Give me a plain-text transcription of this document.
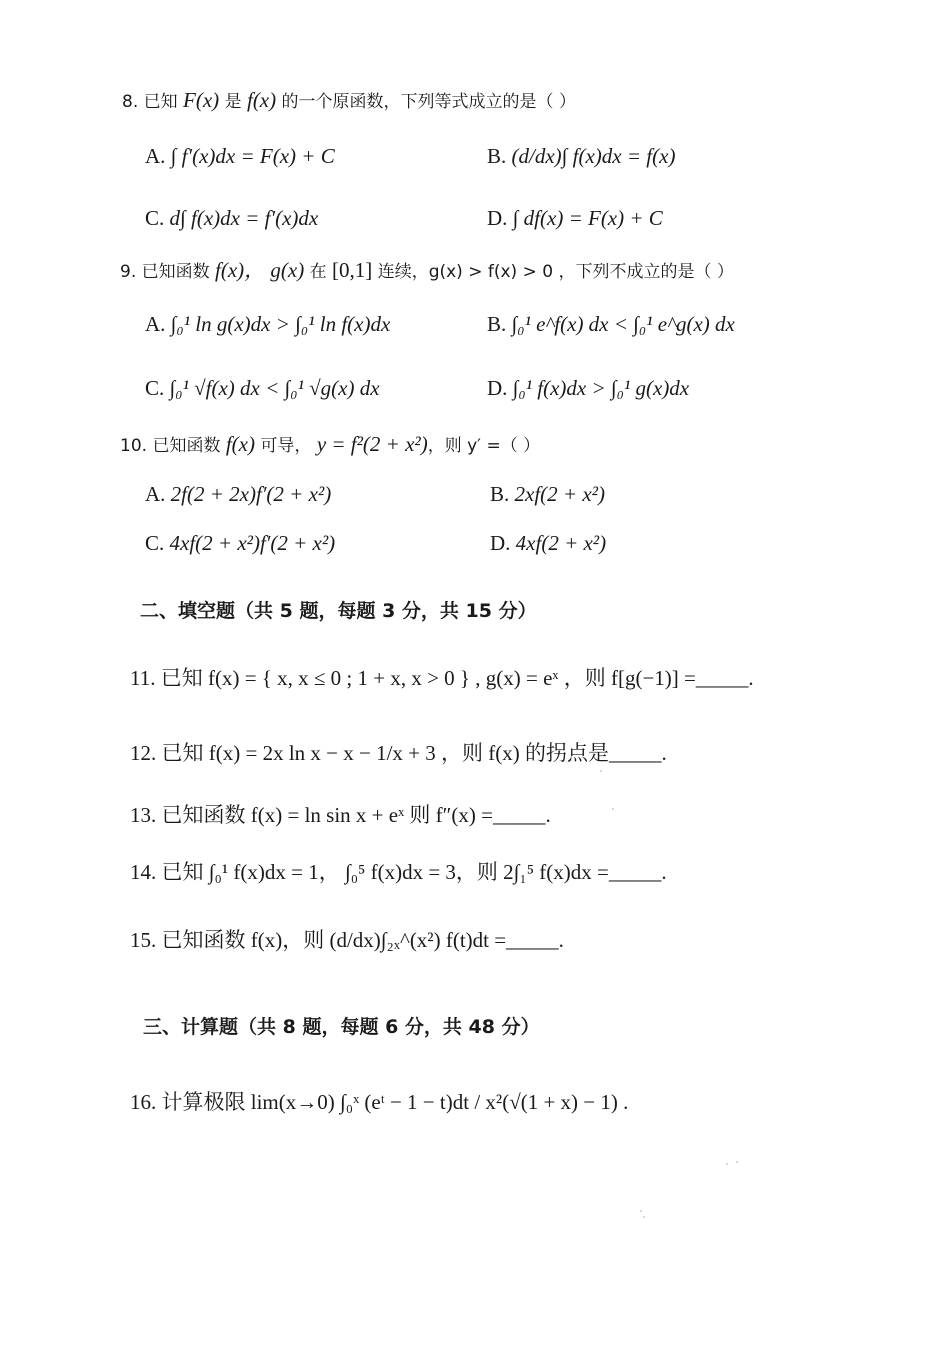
8. 已知 F(x) 是 f(x) 的一个原函数，下列等式成立的是（ ）
A. ∫ f′(x)dx = F(x) + C	B. (d/dx)∫ f(x)dx = f(x)
C. d∫ f(x)dx = f′(x)dx	D. ∫ df(x) = F(x) + C
9. 已知函数 f(x)， g(x) 在 [0,1] 连续，g(x) > f(x) > 0 ，下列不成立的是（ ）
A. ∫₀¹ ln g(x)dx > ∫₀¹ ln f(x)dx	B. ∫₀¹ e^f(x) dx < ∫₀¹ e^g(x) dx
C. ∫₀¹ √f(x) dx < ∫₀¹ √g(x) dx	D. ∫₀¹ f(x)dx > ∫₀¹ g(x)dx
10. 已知函数 f(x) 可导， y = f²(2 + x²)，则 y′ =（ ）
A. 2f(2 + 2x)f′(2 + x²)	B. 2xf(2 + x²)
C. 4xf(2 + x²)f′(2 + x²)	D. 4xf(2 + x²)
二、填空题（共 5 题，每题 3 分，共 15 分）
11. 已知 f(x) = { x, x ≤ 0 ; 1 + x, x > 0 } , g(x) = eˣ ，则 f[g(−1)] =_____.
12. 已知 f(x) = 2x ln x − x − 1/x + 3 ，则 f(x) 的拐点是_____.
13. 已知函数 f(x) = ln sin x + eˣ 则 f″(x) =_____.
14. 已知 ∫₀¹ f(x)dx = 1， ∫₀⁵ f(x)dx = 3，则 2∫₁⁵ f(x)dx =_____.
15. 已知函数 f(x)，则 (d/dx)∫₂ₓ^(x²) f(t)dt =_____.
三、计算题（共 8 题，每题 6 分，共 48 分）
16. 计算极限 lim(x→0) ∫₀ˣ (eᵗ − 1 − t)dt / x²(√(1 + x) − 1) .
